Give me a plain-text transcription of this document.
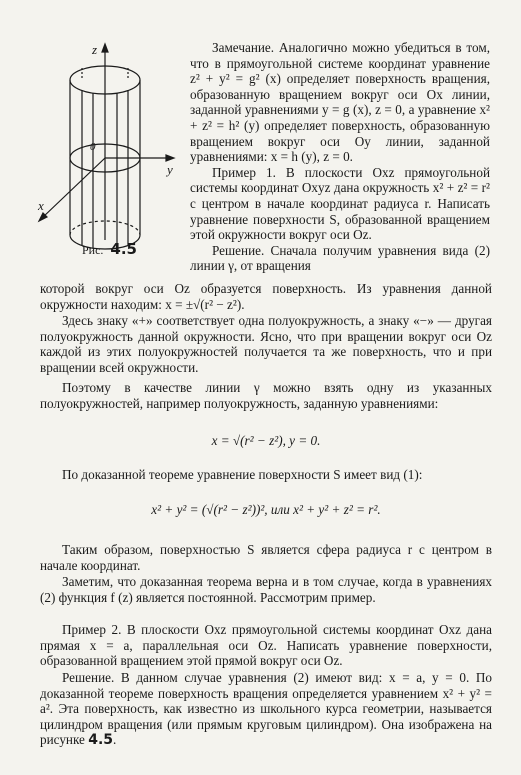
z
y
x
0
Рис. 4.5

Замечание. Аналогично можно убедиться в том, что в прямоугольной системе координат уравнение z² + y² = g² (x) определяет поверхность вращения, образованную вращением вокруг оси Ox линии, заданной уравнениями y = g (x), z = 0, а уравнение x² + z² = h² (y) определяет поверхность, образованную вращением вокруг оси Oy линии, заданной уравнениями: x = h (y), z = 0.

Пример 1. В плоскости Oxz прямоугольной системы координат Oxyz дана окружность x² + z² = r² с центром в начале координат радиуса r. Написать уравнение поверхности S, образованной вращением этой окружности вокруг оси Oz.

Решение. Сначала получим уравнения вида (2) линии γ, от вращения

которой вокруг оси Oz образуется поверхность. Из уравнения данной окружности находим: x = ±√(r² − z²).

Здесь знаку «+» соответствует одна полуокружность, а знаку «−» — другая полуокружность данной окружности. Ясно, что при вращении вокруг оси Oz каждой из этих полуокружностей получается та же поверхность, что и при вращении всей окружности.

Поэтому в качестве линии γ можно взять одну из указанных полуокружностей, например полуокружность, заданную уравнениями:

x = √(r² − z²), y = 0.

По доказанной теореме уравнение поверхности S имеет вид (1):

x² + y² = (√(r² − z²))², или x² + y² + z² = r².

Таким образом, поверхностью S является сфера радиуса r с центром в начале координат.

Заметим, что доказанная теорема верна и в том случае, когда в уравнениях (2) функция f (z) является постоянной. Рассмотрим пример.

Пример 2. В плоскости Oxz прямоугольной системы координат Oxz дана прямая x = a, параллельная оси Oz. Написать уравнение поверхности, образованной вращением этой прямой вокруг оси Oz.

Решение. В данном случае уравнения (2) имеют вид: x = a, y = 0. По доказанной теореме поверхность вращения определяется уравнением x² + y² = a². Эта поверхность, как известно из школьного курса геометрии, называется цилиндром вращения (или прямым круговым цилиндром). Она изображена на рисунке 4.5.
